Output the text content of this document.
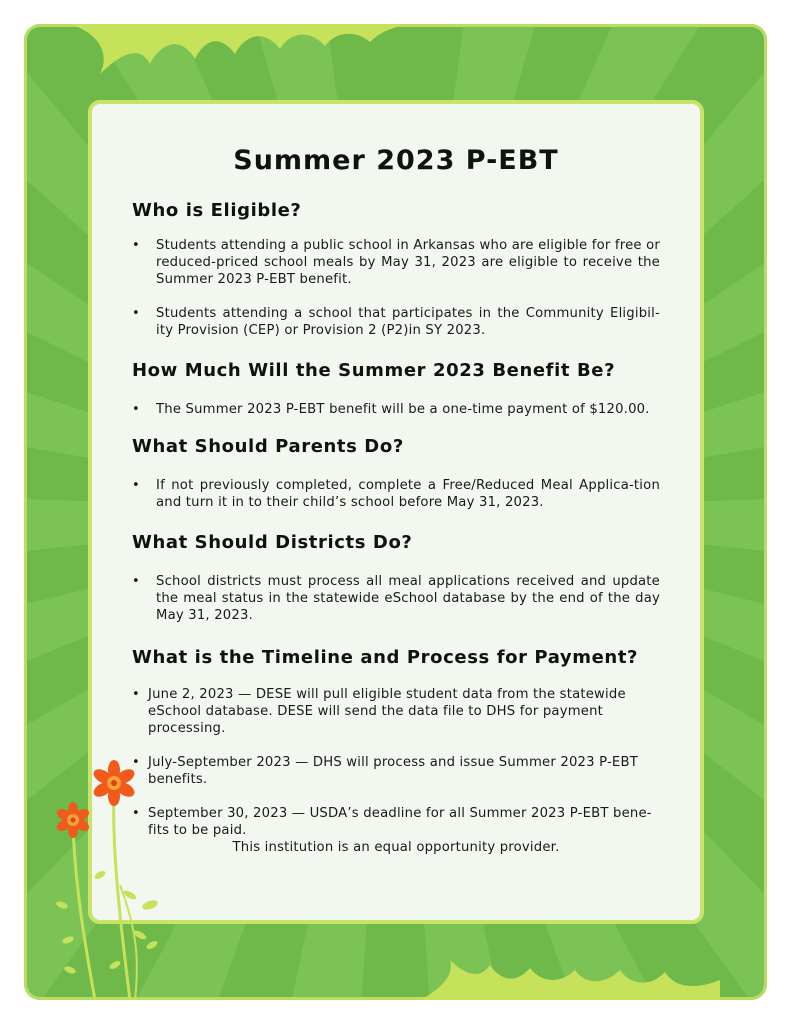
Summer 2023 P-EBT
Who is Eligible?
• Students attending a public school in Arkansas who are eligible for free or reduced-priced school meals by May 31, 2023 are eligible to receive the Summer 2023 P-EBT benefit.
• Students attending a school that participates in the Community Eligibil-ity Provision (CEP) or Provision 2 (P2)in SY 2023.
How Much Will the Summer 2023 Benefit Be?
• The Summer 2023 P-EBT benefit will be a one-time payment of $120.00.
What Should Parents Do?
• If not previously completed, complete a Free/Reduced Meal Applica-tion and turn it in to their child’s school before May 31, 2023.
What Should Districts Do?
• School districts must process all meal applications received and update the meal status in the statewide eSchool database by the end of the day May 31, 2023.
What is the Timeline and Process for Payment?
• June 2, 2023 — DESE will pull eligible student data from the statewide eSchool database. DESE will send the data file to DHS for payment processing.
• July-September 2023 — DHS will process and issue Summer 2023 P-EBT benefits.
• September 30, 2023 — USDA’s deadline for all Summer 2023 P-EBT bene-fits to be paid.
This institution is an equal opportunity provider.
